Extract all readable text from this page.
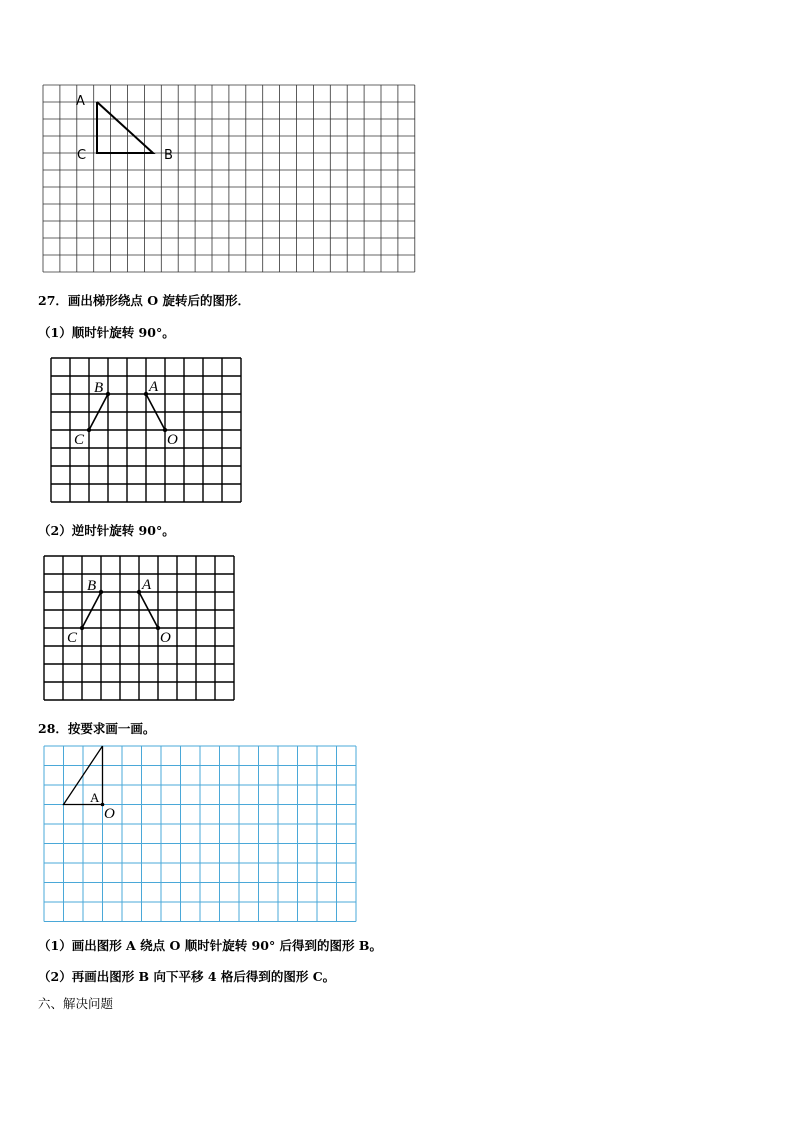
A
C	B
27．画出梯形绕点 O 旋转后的图形．
（1）顺时针旋转 90°。
B	A
C	O
（2）逆时针旋转 90°。
B	A
C	O
28．按要求画一画。
A
O
（1）画出图形 A 绕点 O 顺时针旋转 90° 后得到的图形 B。
（2）再画出图形 B 向下平移 4 格后得到的图形 C。
六、解决问题
